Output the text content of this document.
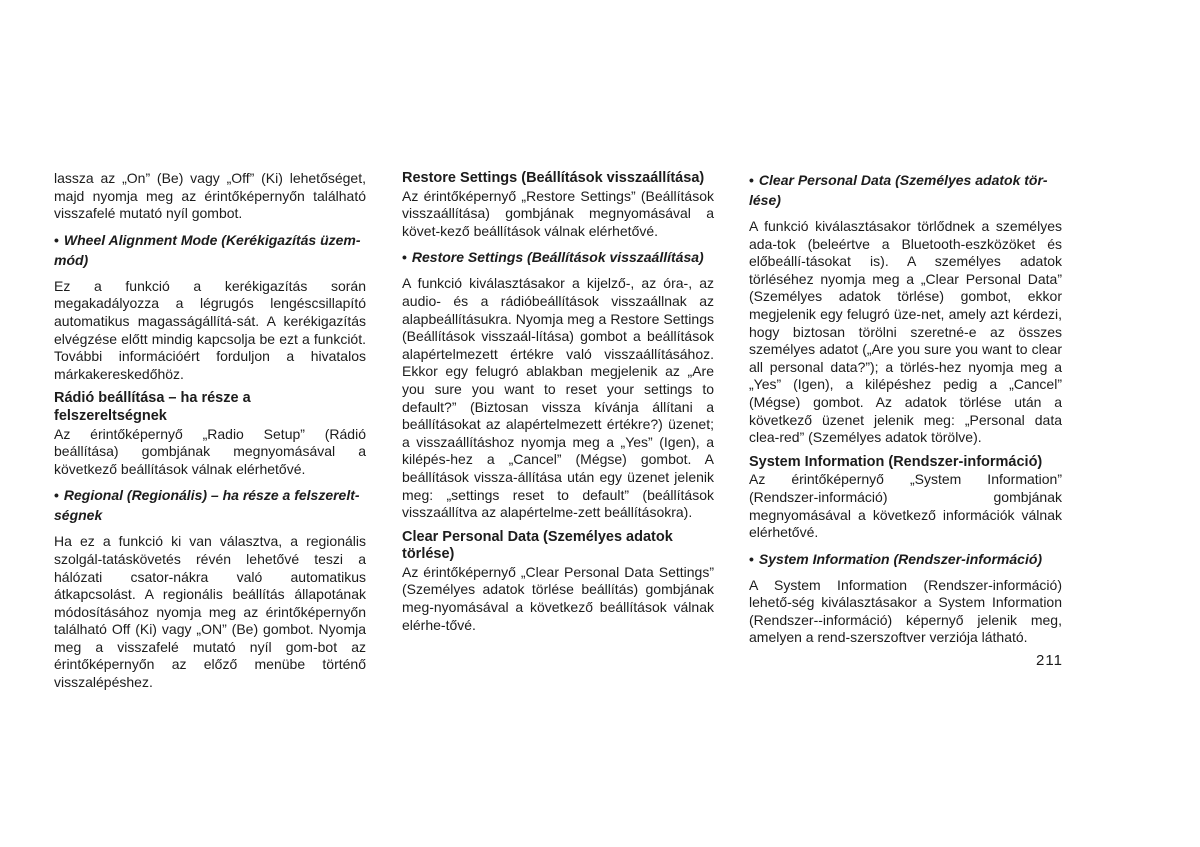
lassza az „On” (Be) vagy „Off” (Ki) lehetőséget, majd nyomja meg az érintőképernyőn található visszafelé mutató nyíl gombot.

• Wheel Alignment Mode (Kerékigazítás üzem-mód)

Ez a funkció a kerékigazítás során megakadályozza a légrugós lengéscsillapító automatikus magasságállítá-sát. A kerékigazítás elvégzése előtt mindig kapcsolja be ezt a funkciót. További információért forduljon a hivatalos márkakereskedőhöz.

Rádió beállítása – ha része a felszereltségnek

Az érintőképernyő „Radio Setup” (Rádió beállítása) gombjának megnyomásával a következő beállítások válnak elérhetővé.

• Regional (Regionális) – ha része a felszerelt-ségnek

Ha ez a funkció ki van választva, a regionális szolgál-tatáskövetés révén lehetővé teszi a hálózati csator-nákra való automatikus átkapcsolást. A regionális beállítás állapotának módosításához nyomja meg az érintőképernyőn található Off (Ki) vagy „ON” (Be) gombot. Nyomja meg a visszafelé mutató nyíl gom-bot az érintőképernyőn az előző menübe történő visszalépéshez.

Restore Settings (Beállítások visszaállítása)

Az érintőképernyő „Restore Settings” (Beállítások visszaállítása) gombjának megnyomásával a követ-kező beállítások válnak elérhetővé.

• Restore Settings (Beállítások visszaállítása)

A funkció kiválasztásakor a kijelző-, az óra-, az audio- és a rádióbeállítások visszaállnak az alapbeállításukra. Nyomja meg a Restore Settings (Beállítások visszaál-lítása) gombot a beállítások alapértelmezett értékre való visszaállításához. Ekkor egy felugró ablakban megjelenik az „Are you sure you want to reset your settings to default?” (Biztosan vissza kívánja állítani a beállításokat az alapértelmezett értékre?) üzenet; a visszaállításhoz nyomja meg a „Yes” (Igen), a kilépés-hez a „Cancel” (Mégse) gombot. A beállítások vissza-állítása után egy üzenet jelenik meg: „settings reset to default” (beállítások visszaállítva az alapértelme-zett beállításokra).

Clear Personal Data (Személyes adatok törlése)

Az érintőképernyő „Clear Personal Data Settings” (Személyes adatok törlése beállítás) gombjának meg-nyomásával a következő beállítások válnak elérhe-tővé.

• Clear Personal Data (Személyes adatok tör-lése)

A funkció kiválasztásakor törlődnek a személyes ada-tok (beleértve a Bluetooth-eszközöket és előbeállí-tásokat is). A személyes adatok törléséhez nyomja meg a „Clear Personal Data” (Személyes adatok törlése) gombot, ekkor megjelenik egy felugró üze-net, amely azt kérdezi, hogy biztosan törölni szeretné-e az összes személyes adatot („Are you sure you want to clear all personal data?”); a törlés-hez nyomja meg a „Yes” (Igen), a kilépéshez pedig a „Cancel” (Mégse) gombot. Az adatok törlése után a következő üzenet jelenik meg: „Personal data clea-red” (Személyes adatok törölve).

System Information (Rendszer-információ)

Az érintőképernyő „System Information” (Rendszer-információ) gombjának megnyomásával a következő információk válnak elérhetővé.

• System Information (Rendszer-információ)

A System Information (Rendszer-információ) lehető-ség kiválasztásakor a System Information (Rendszer--információ) képernyő jelenik meg, amelyen a rend-szerszoftver verziója látható.

211
